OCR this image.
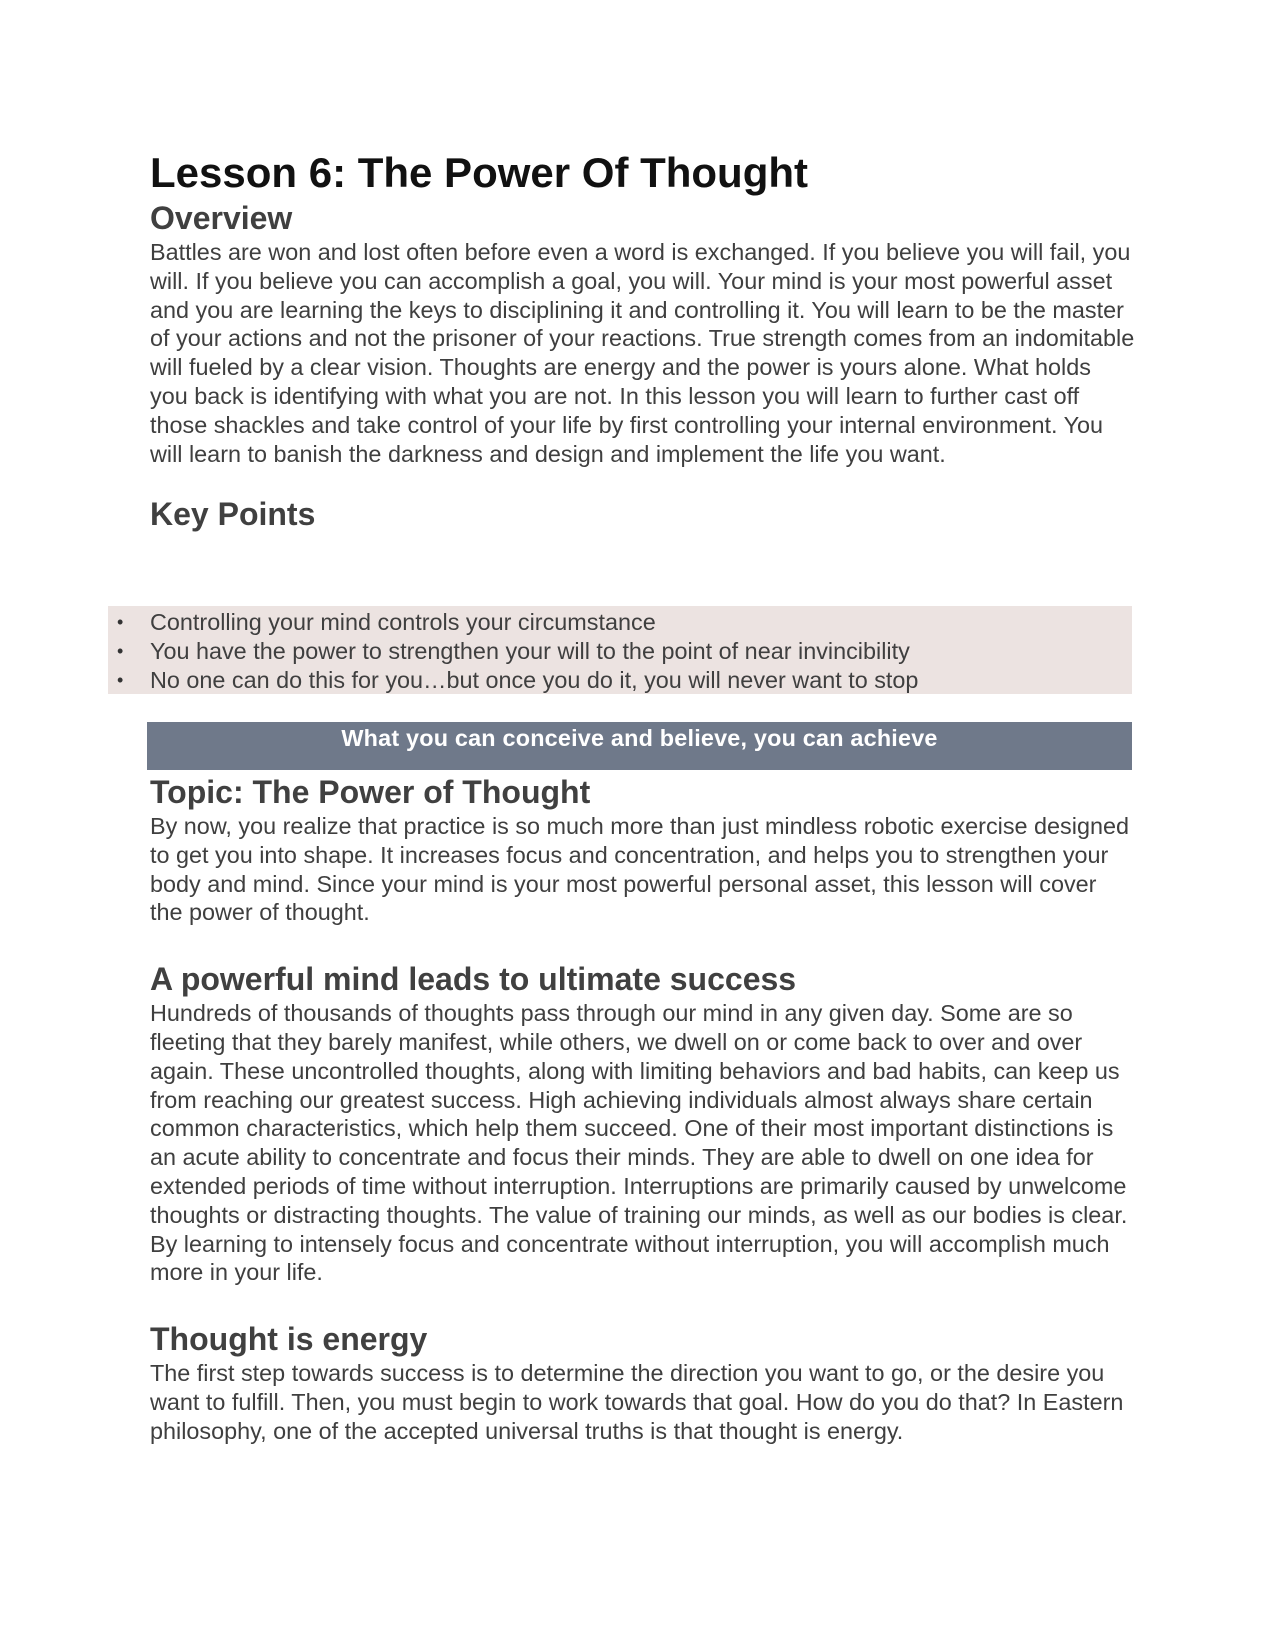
Lesson 6: The Power Of Thought
Overview

Battles are won and lost often before even a word is exchanged. If you believe you will fail, you will. If you believe you can accomplish a goal, you will. Your mind is your most powerful asset and you are learning the keys to disciplining it and controlling it. You will learn to be the master of your actions and not the prisoner of your reactions. True strength comes from an indomitable will fueled by a clear vision. Thoughts are energy and the power is yours alone. What holds you back is identifying with what you are not. In this lesson you will learn to further cast off those shackles and take control of your life by first controlling your internal environment. You will learn to banish the darkness and design and implement the life you want.

Key Points
• Controlling your mind controls your circumstance
• You have the power to strengthen your will to the point of near invincibility
• No one can do this for you…but once you do it, you will never want to stop
What you can conceive and believe, you can achieve
Topic: The Power of Thought

By now, you realize that practice is so much more than just mindless robotic exercise designed to get you into shape. It increases focus and concentration, and helps you to strengthen your body and mind. Since your mind is your most powerful personal asset, this lesson will cover the power of thought.

A powerful mind leads to ultimate success

Hundreds of thousands of thoughts pass through our mind in any given day. Some are so fleeting that they barely manifest, while others, we dwell on or come back to over and over again. These uncontrolled thoughts, along with limiting behaviors and bad habits, can keep us from reaching our greatest success. High achieving individuals almost always share certain common characteristics, which help them succeed. One of their most important distinctions is an acute ability to concentrate and focus their minds. They are able to dwell on one idea for extended periods of time without interruption. Interruptions are primarily caused by unwelcome thoughts or distracting thoughts. The value of training our minds, as well as our bodies is clear. By learning to intensely focus and concentrate without interruption, you will accomplish much more in your life.

Thought is energy

The first step towards success is to determine the direction you want to go, or the desire you want to fulfill. Then, you must begin to work towards that goal. How do you do that? In Eastern philosophy, one of the accepted universal truths is that thought is energy.
